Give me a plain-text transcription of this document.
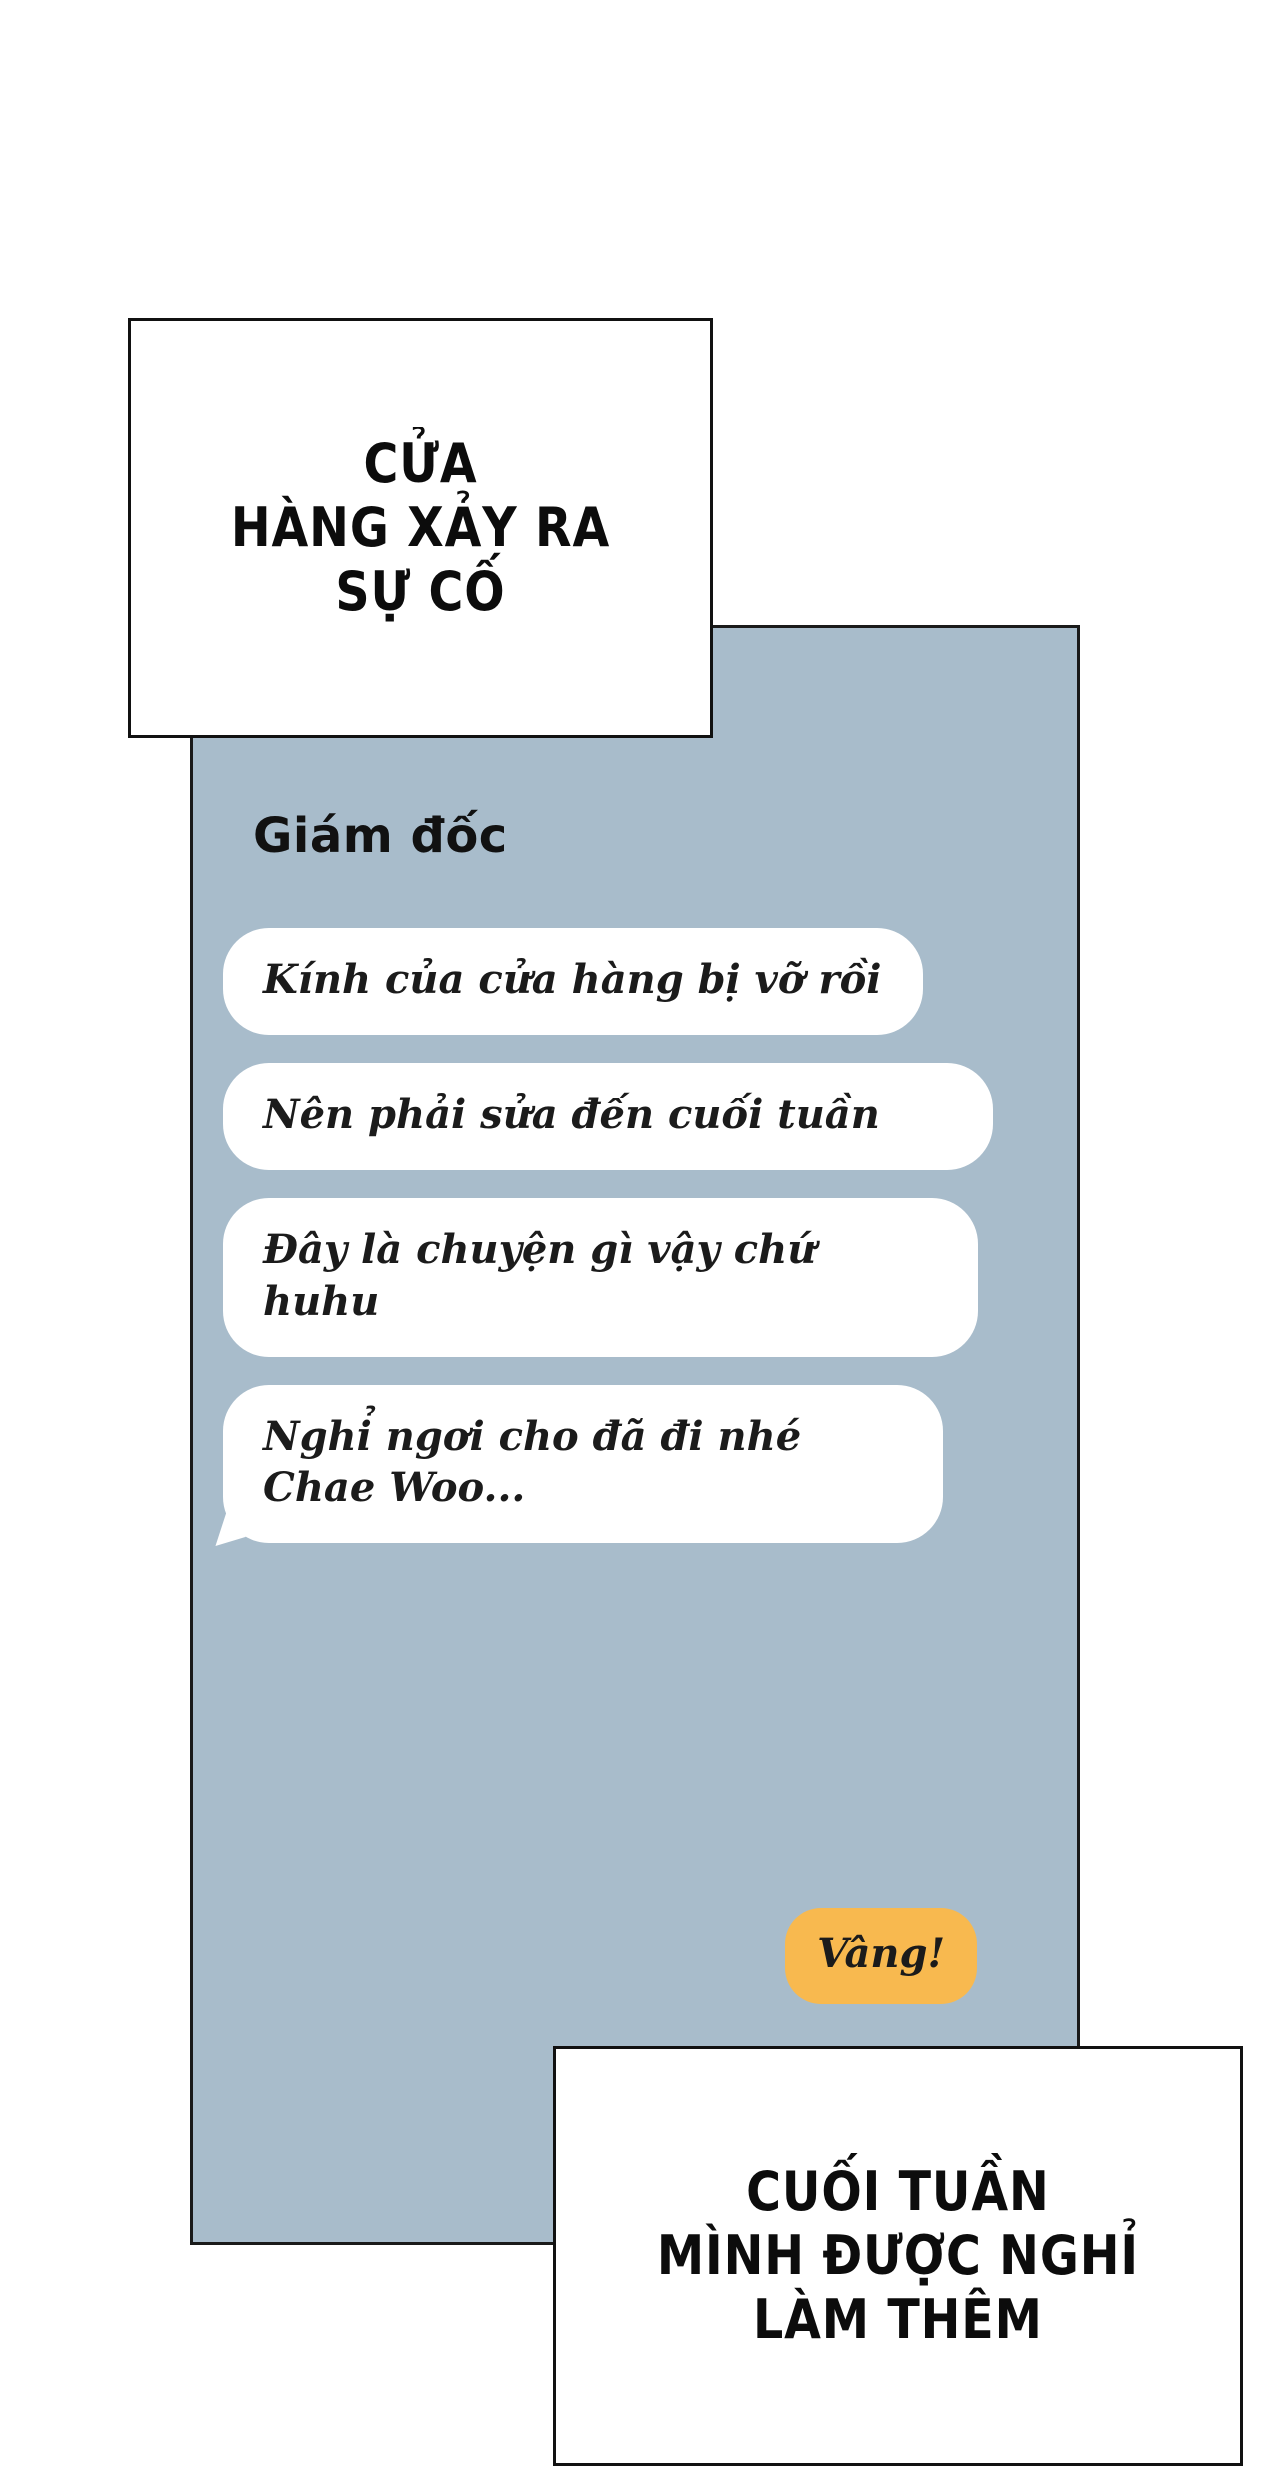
Giám đốc
Kính của cửa hàng bị vỡ rồi Nên phải sửa đến cuối tuần Đây là chuyện gì vậy chứ huhu Nghỉ ngơi cho đã đi nhé Chae Woo...
Vâng!
CỬA
HÀNG XẢY RA
SỰ CỐ
CUỐI TUẦN
MÌNH ĐƯỢC NGHỈ
LÀM THÊM
